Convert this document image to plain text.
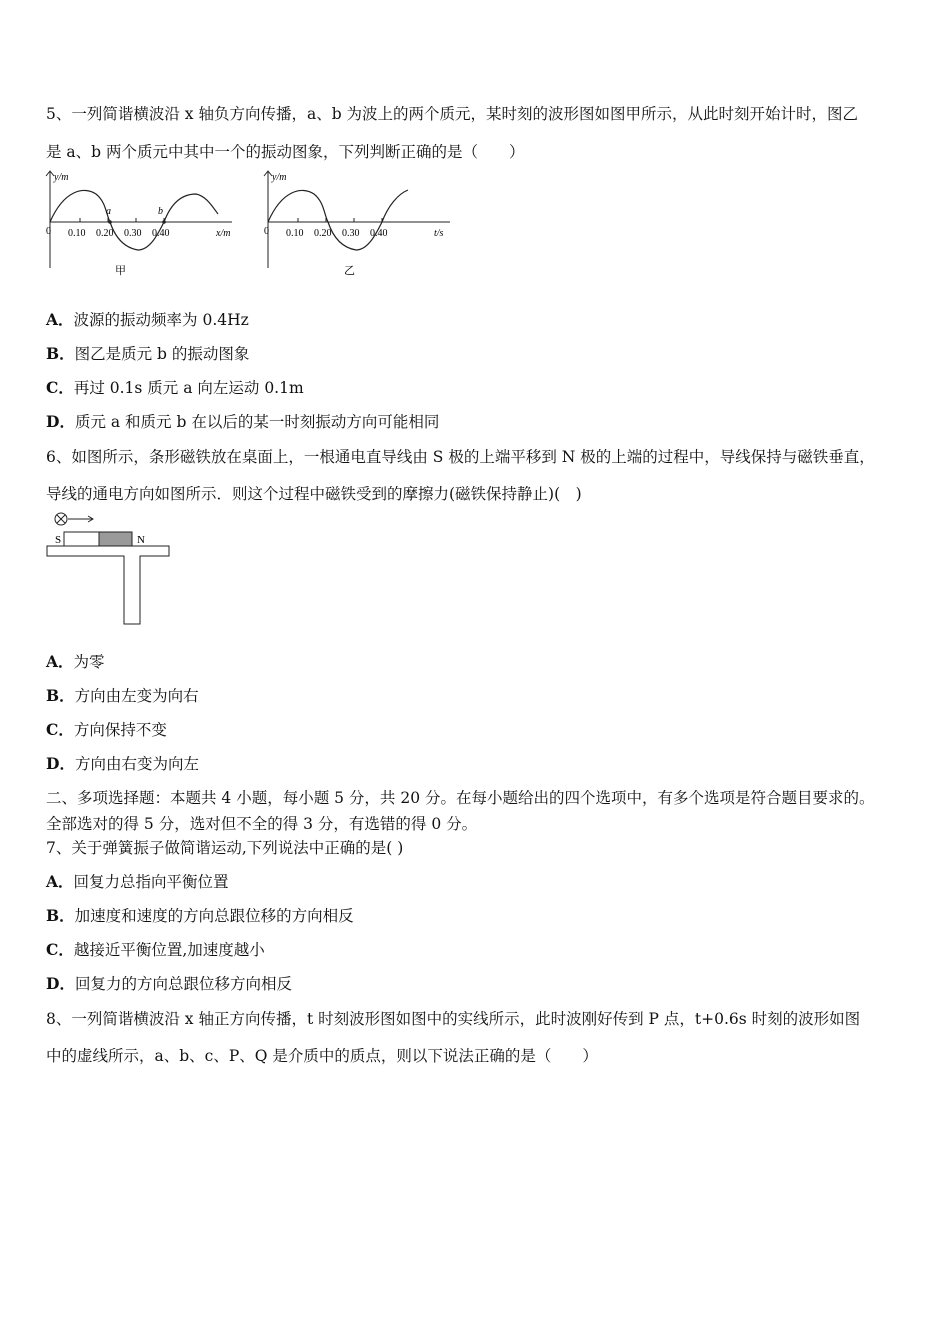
5、一列简谐横波沿 x 轴负方向传播，a、b 为波上的两个质元，某时刻的波形图如图甲所示，从此时刻开始计时，图乙
是 a、b 两个质元中其中一个的振动图象，下列判断正确的是（　　）
y/m
x/m
0 0.10 0.20 0.30 0.40
a	b
甲
y/m
t/s
0 0.10 0.20 0.30 0.40
乙
A．波源的振动频率为 0.4Hz
B．图乙是质元 b 的振动图象
C．再过 0.1s 质元 a 向左运动 0.1m
D．质元 a 和质元 b 在以后的某一时刻振动方向可能相同
6、如图所示，条形磁铁放在桌面上，一根通电直导线由 S 极的上端平移到 N 极的上端的过程中，导线保持与磁铁垂直，
导线的通电方向如图所示．则这个过程中磁铁受到的摩擦力(磁铁保持静止)(　)
S	N
A．为零
B．方向由左变为向右
C．方向保持不变
D．方向由右变为向左
二、多项选择题：本题共 4 小题，每小题 5 分，共 20 分。在每小题给出的四个选项中，有多个选项是符合题目要求的。
全部选对的得 5 分，选对但不全的得 3 分，有选错的得 0 分。
7、关于弹簧振子做简谐运动,下列说法中正确的是( )
A．回复力总指向平衡位置
B．加速度和速度的方向总跟位移的方向相反
C．越接近平衡位置,加速度越小
D．回复力的方向总跟位移方向相反
8、一列简谐横波沿 x 轴正方向传播，t 时刻波形图如图中的实线所示，此时波刚好传到 P 点，t+0.6s 时刻的波形如图
中的虚线所示，a、b、c、P、Q 是介质中的质点，则以下说法正确的是（　　）
